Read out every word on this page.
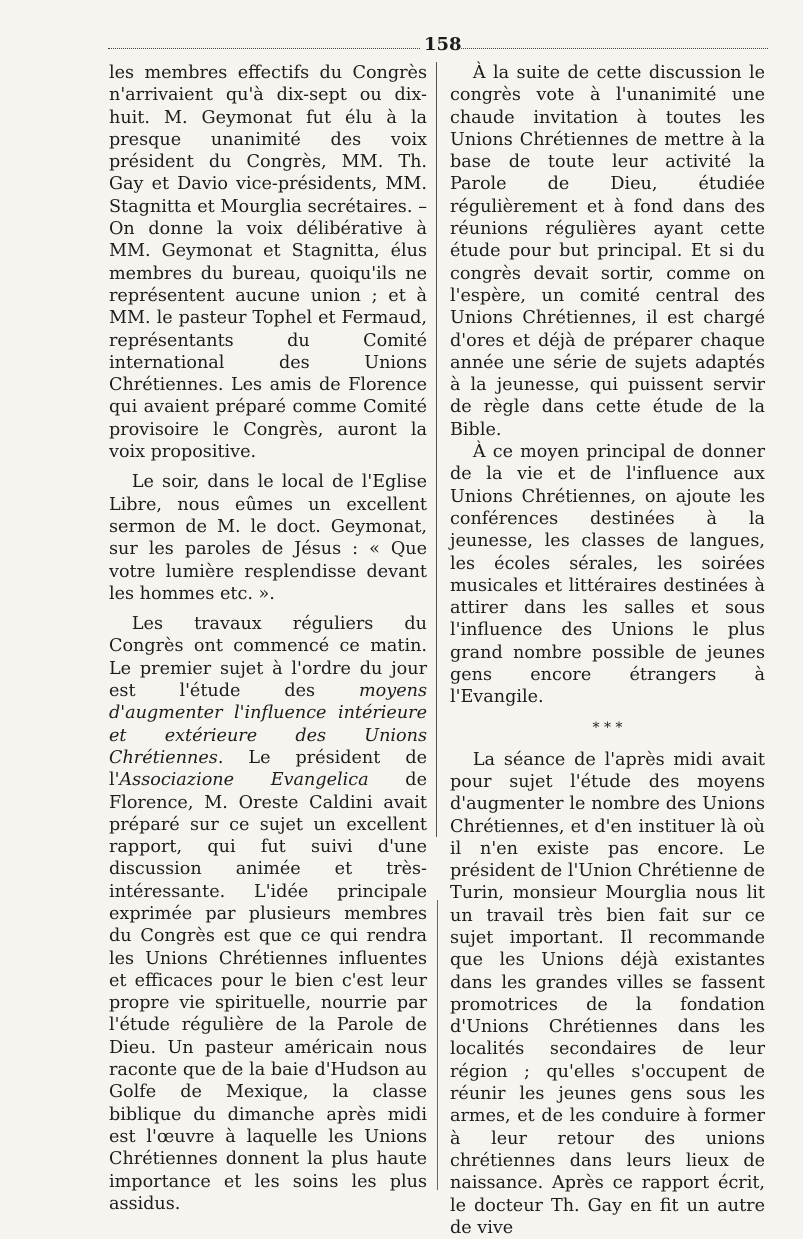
158

les membres effectifs du Congrès n'arrivaient qu'à dix-sept ou dix-huit. M. Geymonat fut élu à la presque unanimité des voix président du Congrès, MM. Th. Gay et Davio vice-présidents, MM. Stagnitta et Mourglia secrétaires. – On donne la voix délibérative à MM. Geymonat et Stagnitta, élus membres du bureau, quoiqu'ils ne représentent aucune union ; et à MM. le pasteur Tophel et Fermaud, représentants du Comité international des Unions Chrétiennes. Les amis de Florence qui avaient préparé comme Comité provisoire le Congrès, auront la voix propositive.

Le soir, dans le local de l'Eglise Libre, nous eûmes un excellent sermon de M. le doct. Geymonat, sur les paroles de Jésus : « Que votre lumière resplendisse devant les hommes etc. ».

Les travaux réguliers du Congrès ont commencé ce matin. Le premier sujet à l'ordre du jour est l'étude des moyens d'augmenter l'influence intérieure et extérieure des Unions Chrétiennes. Le président de l'Associazione Evangelica de Florence, M. Oreste Caldini avait préparé sur ce sujet un excellent rapport, qui fut suivi d'une discussion animée et très-intéressante. L'idée principale exprimée par plusieurs membres du Congrès est que ce qui rendra les Unions Chrétiennes influentes et efficaces pour le bien c'est leur propre vie spirituelle, nourrie par l'étude régulière de la Parole de Dieu. Un pasteur américain nous raconte que de la baie d'Hudson au Golfe de Mexique, la classe biblique du dimanche après midi est l'œuvre à laquelle les Unions Chrétiennes donnent la plus haute importance et les soins les plus assidus.

À la suite de cette discussion le congrès vote à l'unanimité une chaude invitation à toutes les Unions Chrétiennes de mettre à la base de toute leur activité la Parole de Dieu, étudiée régulièrement et à fond dans des réunions régulières ayant cette étude pour but principal. Et si du congrès devait sortir, comme on l'espère, un comité central des Unions Chrétiennes, il est chargé d'ores et déjà de préparer chaque année une série de sujets adaptés à la jeunesse, qui puissent servir de règle dans cette étude de la Bible.

À ce moyen principal de donner de la vie et de l'influence aux Unions Chrétiennes, on ajoute les conférences destinées à la jeunesse, les classes de langues, les écoles sérales, les soirées musicales et littéraires destinées à attirer dans les salles et sous l'influence des Unions le plus grand nombre possible de jeunes gens encore étrangers à l'Evangile.

* * *

La séance de l'après midi avait pour sujet l'étude des moyens d'augmenter le nombre des Unions Chrétiennes, et d'en instituer là où il n'en existe pas encore. Le président de l'Union Chrétienne de Turin, monsieur Mourglia nous lit un travail très bien fait sur ce sujet important. Il recommande que les Unions déjà existantes dans les grandes villes se fassent promotrices de la fondation d'Unions Chrétiennes dans les localités secondaires de leur région ; qu'elles s'occupent de réunir les jeunes gens sous les armes, et de les conduire à former à leur retour des unions chrétiennes dans leurs lieux de naissance. Après ce rapport écrit, le docteur Th. Gay en fit un autre de vive
